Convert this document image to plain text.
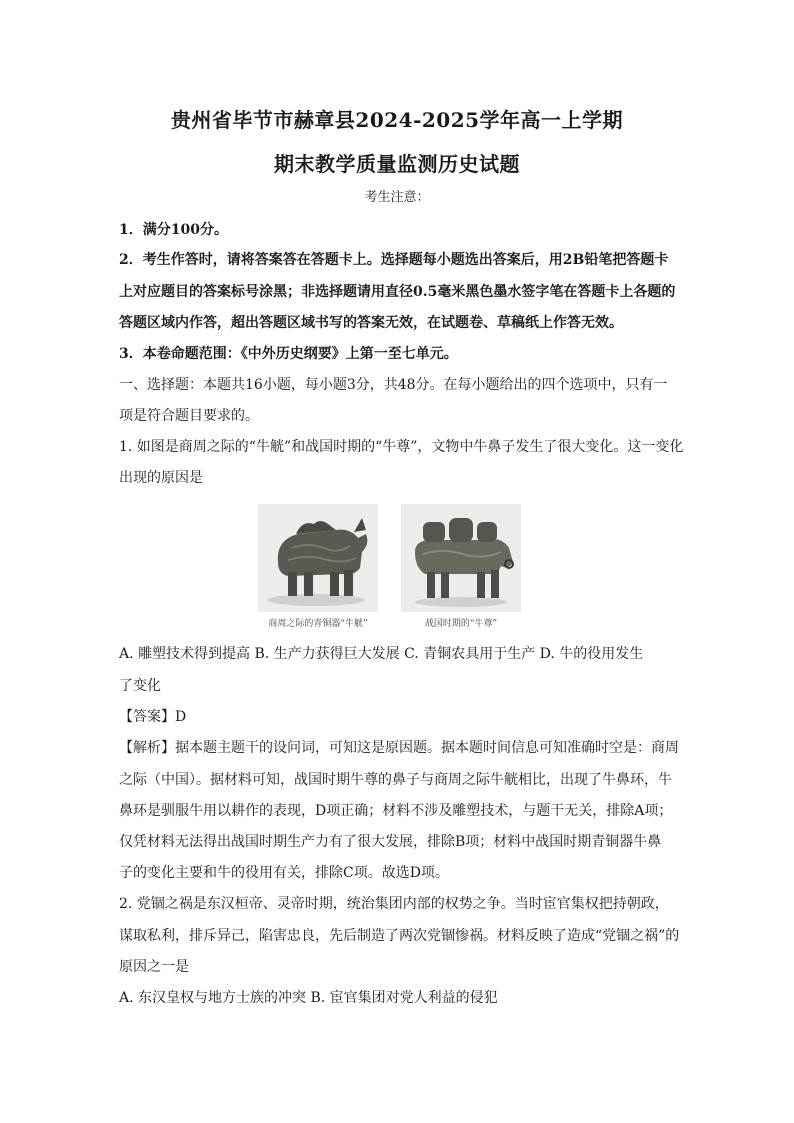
贵州省毕节市赫章县2024-2025学年高一上学期
期末教学质量监测历史试题
考生注意：
1．满分100分。
2．考生作答时，请将答案答在答题卡上。选择题每小题选出答案后，用2B铅笔把答题卡
上对应题目的答案标号涂黑；非选择题请用直径0.5毫米黑色墨水签字笔在答题卡上各题的
答题区域内作答，超出答题区域书写的答案无效，在试题卷、草稿纸上作答无效。
3．本卷命题范围：《中外历史纲要》上第一至七单元。
一、选择题：本题共16小题，每小题3分，共48分。在每小题给出的四个选项中，只有一
项是符合题目要求的。
1. 如图是商周之际的“牛觥”和战国时期的“牛尊”，文物中牛鼻子发生了很大变化。这一变化
出现的原因是
商周之际的青铜器“牛觥”	战国时期的“牛尊”
A. 雕塑技术得到提高 B. 生产力获得巨大发展 C. 青铜农具用于生产 D. 牛的役用发生
了变化
【答案】D
【解析】据本题主题干的设问词，可知这是原因题。据本题时间信息可知准确时空是：商周
之际（中国）。据材料可知，战国时期牛尊的鼻子与商周之际牛觥相比，出现了牛鼻环，牛
鼻环是驯服牛用以耕作的表现，D项正确；材料不涉及雕塑技术，与题干无关，排除A项；
仅凭材料无法得出战国时期生产力有了很大发展，排除B项；材料中战国时期青铜器牛鼻
子的变化主要和牛的役用有关，排除C项。故选D项。
2. 党锢之祸是东汉桓帝、灵帝时期，统治集团内部的权势之争。当时宦官集权把持朝政，
谋取私利，排斥异己，陷害忠良，先后制造了两次党锢惨祸。材料反映了造成“党锢之祸”的
原因之一是
A. 东汉皇权与地方士族的冲突 B. 宦官集团对党人利益的侵犯
